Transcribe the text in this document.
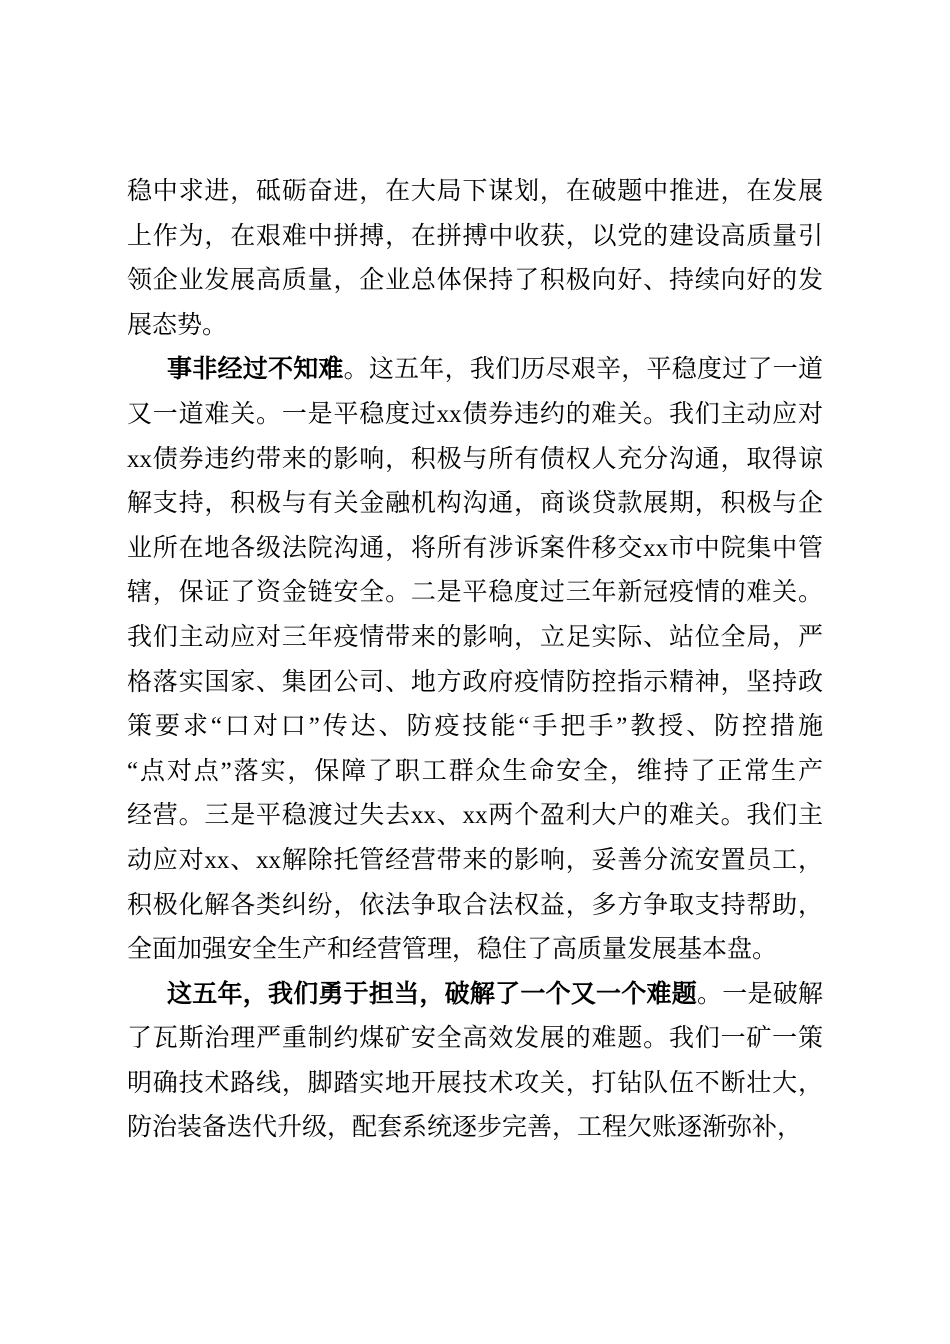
稳中求进，砥砺奋进，在大局下谋划，在破题中推进，在发展
上作为，在艰难中拼搏，在拼搏中收获，以党的建设高质量引
领企业发展高质量，企业总体保持了积极向好、持续向好的发
展态势。
事非经过不知难。这五年，我们历尽艰辛，平稳度过了一道
又一道难关。一是平稳度过xx债券违约的难关。我们主动应对
xx债券违约带来的影响，积极与所有债权人充分沟通，取得谅
解支持，积极与有关金融机构沟通，商谈贷款展期，积极与企
业所在地各级法院沟通，将所有涉诉案件移交xx市中院集中管
辖，保证了资金链安全。二是平稳度过三年新冠疫情的难关。
我们主动应对三年疫情带来的影响，立足实际、站位全局，严
格落实国家、集团公司、地方政府疫情防控指示精神，坚持政
策要求“口对口”传达、防疫技能“手把手”教授、防控措施
“点对点”落实，保障了职工群众生命安全，维持了正常生产
经营。三是平稳渡过失去xx、xx两个盈利大户的难关。我们主
动应对xx、xx解除托管经营带来的影响，妥善分流安置员工，
积极化解各类纠纷，依法争取合法权益，多方争取支持帮助，
全面加强安全生产和经营管理，稳住了高质量发展基本盘。
这五年，我们勇于担当，破解了一个又一个难题。一是破解
了瓦斯治理严重制约煤矿安全高效发展的难题。我们一矿一策
明确技术路线，脚踏实地开展技术攻关，打钻队伍不断壮大，
防治装备迭代升级，配套系统逐步完善，工程欠账逐渐弥补，
